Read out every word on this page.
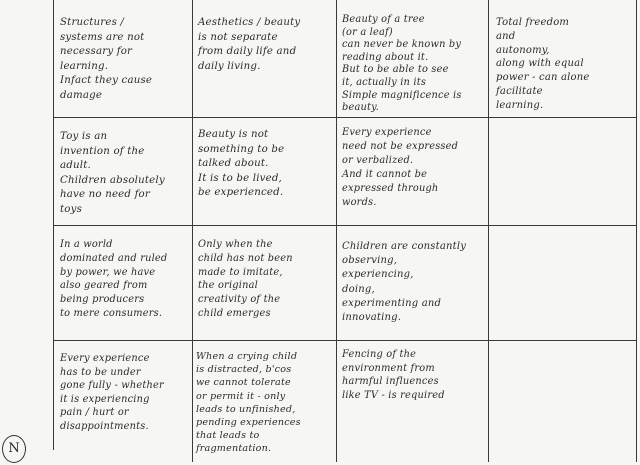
Structures /
systems are not
necessary for
learning.
Infact they cause
damage
Aesthetics / beauty
is not separate
from daily life and
daily living.
Beauty of a tree
(or a leaf)
can never be known by
reading about it.
But to be able to see
it, actually in its
Simple magnificence is
beauty.
Total freedom
and
autonomy,
along with equal
power - can alone
facilitate
learning.
Toy is an
invention of the
adult.
Children absolutely
have no need for
toys
Beauty is not
something to be
talked about.
It is to be lived,
be experienced.
Every experience
need not be expressed
or verbalized.
And it cannot be
expressed through
words.
In a world
dominated and ruled
by power, we have
also geared from
being producers
to mere consumers.
Only when the
child has not been
made to imitate,
the original
creativity of the
child emerges
Children are constantly
observing,
experiencing,
doing,
experimenting and
innovating.
Every experience
has to be under
gone fully - whether
it is experiencing
pain / hurt or
disappointments.
When a crying child
is distracted, b'cos
we cannot tolerate
or permit it - only
leads to unfinished,
pending experiences
that leads to
fragmentation.
Fencing of the
environment from
harmful influences
like TV - is required
N
